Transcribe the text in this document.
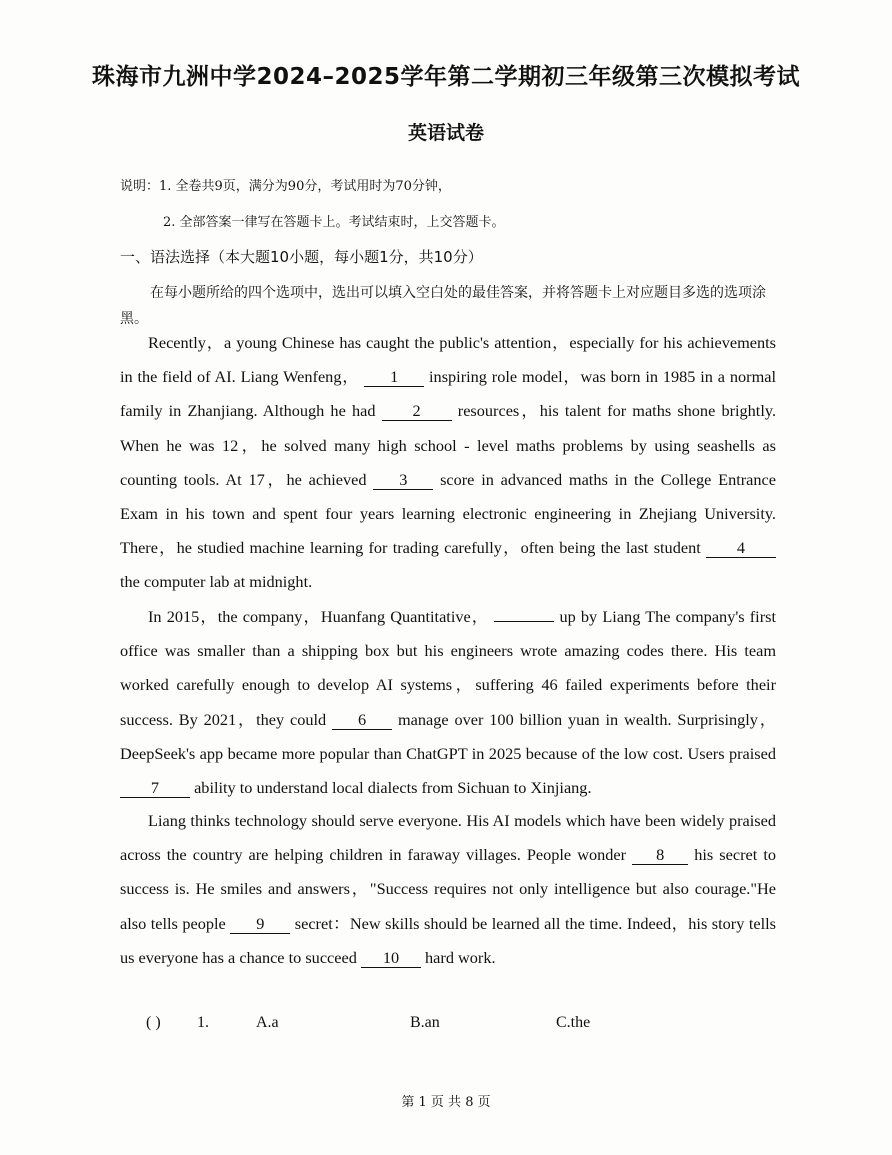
珠海市九洲中学2024–2025学年第二学期初三年级第三次模拟考试
英语试卷
说明：1. 全卷共9页，满分为90分，考试用时为70分钟，
2. 全部答案一律写在答题卡上。考试结束时，上交答题卡。
一、语法选择（本大题10小题，每小题1分，共10分）
在每小题所给的四个选项中，选出可以填入空白处的最佳答案，并将答题卡上对应题目多选的选项涂黑。
Recently，a young Chinese has caught the public's attention，especially for his achievements in the field of AI. Liang Wenfeng， 1 inspiring role model，was born in 1985 in a normal family in Zhanjiang. Although he had 2 resources，his talent for maths shone brightly. When he was 12，he solved many high school - level maths problems by using seashells as counting tools. At 17，he achieved 3 score in advanced maths in the College Entrance Exam in his town and spent four years learning electronic engineering in Zhejiang University. There，he studied machine learning for trading carefully，often being the last student 4 the computer lab at midnight.
In 2015，the company，Huanfang Quantitative，	up by Liang The company's first office was smaller than a shipping box but his engineers wrote amazing codes there. His team worked carefully enough to develop AI systems，suffering 46 failed experiments before their success. By 2021，they could 6 manage over 100 billion yuan in wealth. Surprisingly，DeepSeek's app became more popular than ChatGPT in 2025 because of the low cost. Users praised 7 ability to understand local dialects from Sichuan to Xinjiang.
Liang thinks technology should serve everyone. His AI models which have been widely praised across the country are helping children in faraway villages. People wonder 8 his secret to success is. He smiles and answers，"Success requires not only intelligence but also courage."He also tells people 9 secret：New skills should be learned all the time. Indeed，his story tells us everyone has a chance to succeed 10 hard work.
( ) 1.	A.a	B.an	C.the
第 1 页 共 8 页
